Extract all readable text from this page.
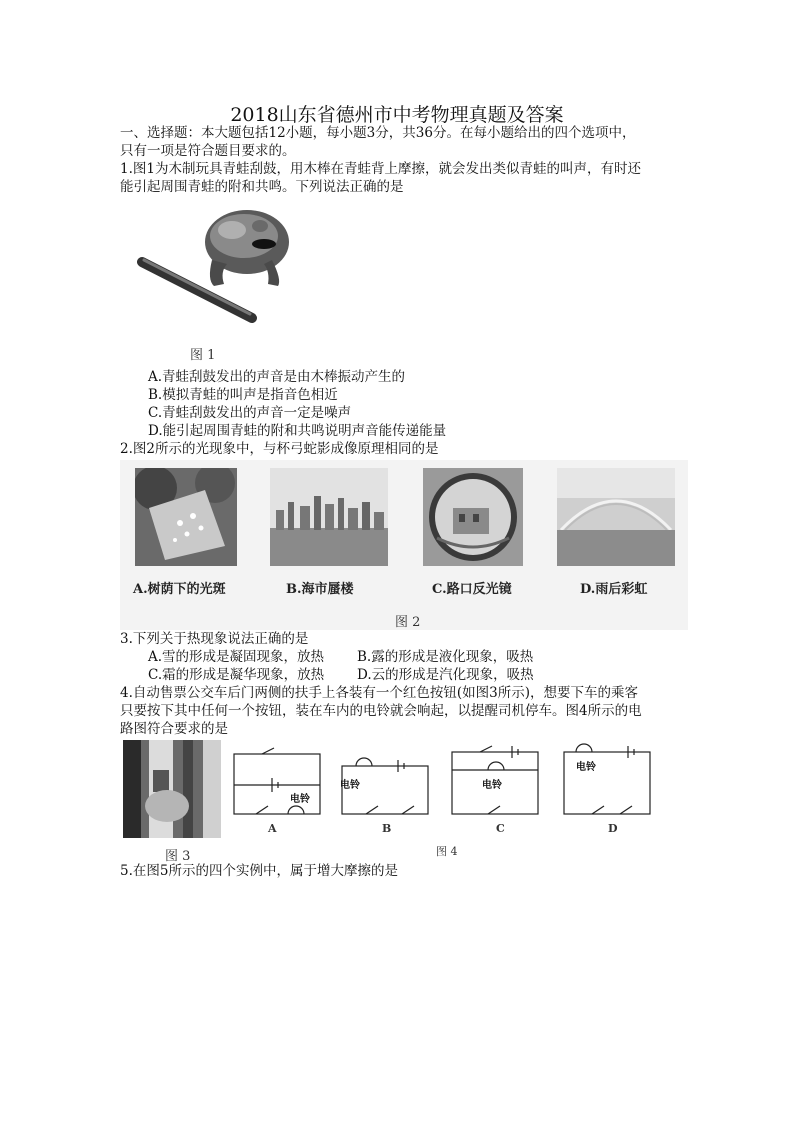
2018山东省德州市中考物理真题及答案
一、选择题：本大题包括12小题，每小题3分，共36分。在每小题给出的四个选项中，
只有一项是符合题目要求的。
1.图1为木制玩具青蛙刮鼓，用木棒在青蛙背上摩擦，就会发出类似青蛙的叫声，有时还
能引起周围青蛙的附和共鸣。下列说法正确的是
图 1
A.青蛙刮鼓发出的声音是由木棒振动产生的
B.模拟青蛙的叫声是指音色相近
C.青蛙刮鼓发出的声音一定是噪声
D.能引起周围青蛙的附和共鸣说明声音能传递能量
2.图2所示的光现象中，与杯弓蛇影成像原理相同的是
A.树荫下的光斑	B.海市蜃楼	C.路口反光镜	D.雨后彩虹
图 2
3.下列关于热现象说法正确的是
A.雪的形成是凝固现象，放热 B.露的形成是液化现象，吸热
C.霜的形成是凝华现象，放热 D.云的形成是汽化现象，吸热
4.自动售票公交车后门两侧的扶手上各装有一个红色按钮(如图3所示)，想要下车的乘客
只要按下其中任何一个按钮，装在车内的电铃就会响起，以提醒司机停车。图4所示的电
路图符合要求的是
图 3
电铃
电铃	电铃
电铃
A	B	C	D
图 4
5.在图5所示的四个实例中，属于增大摩擦的是
